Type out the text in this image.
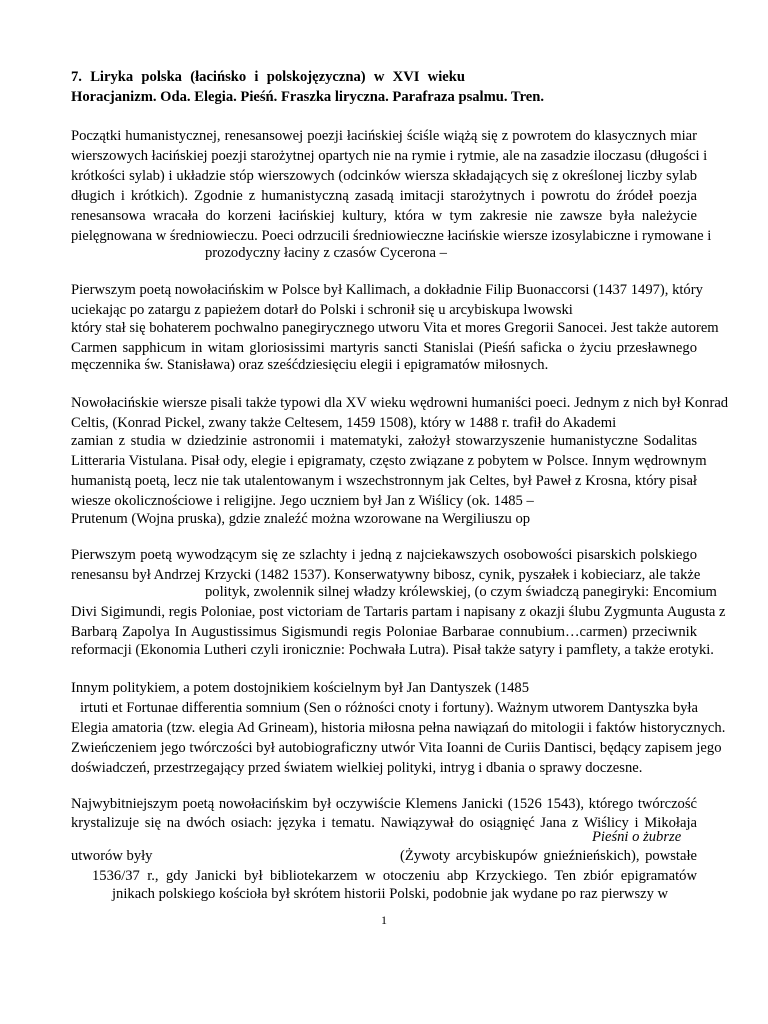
7. Liryka polska (łacińsko i polskojęzyczna) w XVI wieku
Horacjanizm. Oda. Elegia. Pieśń. Fraszka liryczna. Parafraza psalmu. Tren.
Początki humanistycznej, renesansowej poezji łacińskiej ściśle wiążą się z powrotem do klasycznych miar
wierszowych łacińskiej poezji starożytnej opartych nie na rymie i rytmie, ale na zasadzie iloczasu (długości i
krótkości sylab) i układzie stóp wierszowych (odcinków wiersza składających się z określonej liczby sylab
długich i krótkich). Zgodnie z humanistyczną zasadą imitacji starożytnych i powrotu do źródeł poezja
renesansowa wracała do korzeni łacińskiej kultury, która w tym zakresie nie zawsze była należycie
pielęgnowana w średniowieczu. Poeci odrzucili średniowieczne łacińskie wiersze izosylabiczne i rymowane i
prozodyczny łaciny z czasów Cycerona –
Pierwszym poetą nowołacińskim w Polsce był Kallimach, a dokładnie Filip Buonaccorsi (1437 1497), który
uciekając po zatargu z papieżem dotarł do Polski i schronił się u arcybiskupa lwowski
który stał się bohaterem pochwalno panegirycznego utworu Vita et mores Gregorii Sanocei. Jest także autorem
Carmen sapphicum in witam gloriosissimi martyris sancti Stanislai (Pieśń saficka o życiu przesławnego
męczennika św. Stanisława) oraz sześćdziesięciu elegii i epigramatów miłosnych.
Nowołacińskie wiersze pisali także typowi dla XV wieku wędrowni humaniści poeci. Jednym z nich był Konrad
Celtis, (Konrad Pickel, zwany także Celtesem, 1459 1508), który w 1488 r. trafił do Akademi
zamian z studia w dziedzinie astronomii i matematyki, założył stowarzyszenie humanistyczne Sodalitas
Litteraria Vistulana. Pisał ody, elegie i epigramaty, często związane z pobytem w Polsce. Innym wędrownym
humanistą poetą, lecz nie tak utalentowanym i wszechstronnym jak Celtes, był Paweł z Krosna, który pisał
wiesze okolicznościowe i religijne. Jego uczniem był Jan z Wiślicy (ok. 1485 –
Prutenum (Wojna pruska), gdzie znaleźć można wzorowane na Wergiliuszu op
Pierwszym poetą wywodzącym się ze szlachty i jedną z najciekawszych osobowości pisarskich polskiego
renesansu był Andrzej Krzycki (1482 1537). Konserwatywny bibosz, cynik, pyszałek i kobieciarz, ale także
polityk, zwolennik silnej władzy królewskiej, (o czym świadczą panegiryki: Encomium
Divi Sigimundi, regis Poloniae, post victoriam de Tartaris partam i napisany z okazji ślubu Zygmunta Augusta z
Barbarą Zapolya In Augustissimus Sigismundi regis Poloniae Barbarae connubium…carmen) przeciwnik
reformacji (Ekonomia Lutheri czyli ironicznie: Pochwała Lutra). Pisał także satyry i pamflety, a także erotyki.
Innym politykiem, a potem dostojnikiem kościelnym był Jan Dantyszek (1485
irtuti et Fortunae differentia somnium (Sen o różności cnoty i fortuny). Ważnym utworem Dantyszka była
Elegia amatoria (tzw. elegia Ad Grineam), historia miłosna pełna nawiązań do mitologii i faktów historycznych.
Zwieńczeniem jego twórczości był autobiograficzny utwór Vita Ioanni de Curiis Dantisci, będący zapisem jego
doświadczeń, przestrzegający przed światem wielkiej polityki, intryg i dbania o sprawy doczesne.
Najwybitniejszym poetą nowołacińskim był oczywiście Klemens Janicki (1526 1543), którego twórczość
krystalizuje się na dwóch osiach: języka i tematu. Nawiązywał do osiągnięć Jana z Wiślicy i Mikołaja
Pieśni o żubrze
utworów były	(Żywoty arcybiskupów gnieźnieńskich), powstałe
1536/37 r., gdy Janicki był bibliotekarzem w otoczeniu abp Krzyckiego. Ten zbiór epigramatów
jnikach polskiego kościoła był skrótem historii Polski, podobnie jak wydane po raz pierwszy w
1
